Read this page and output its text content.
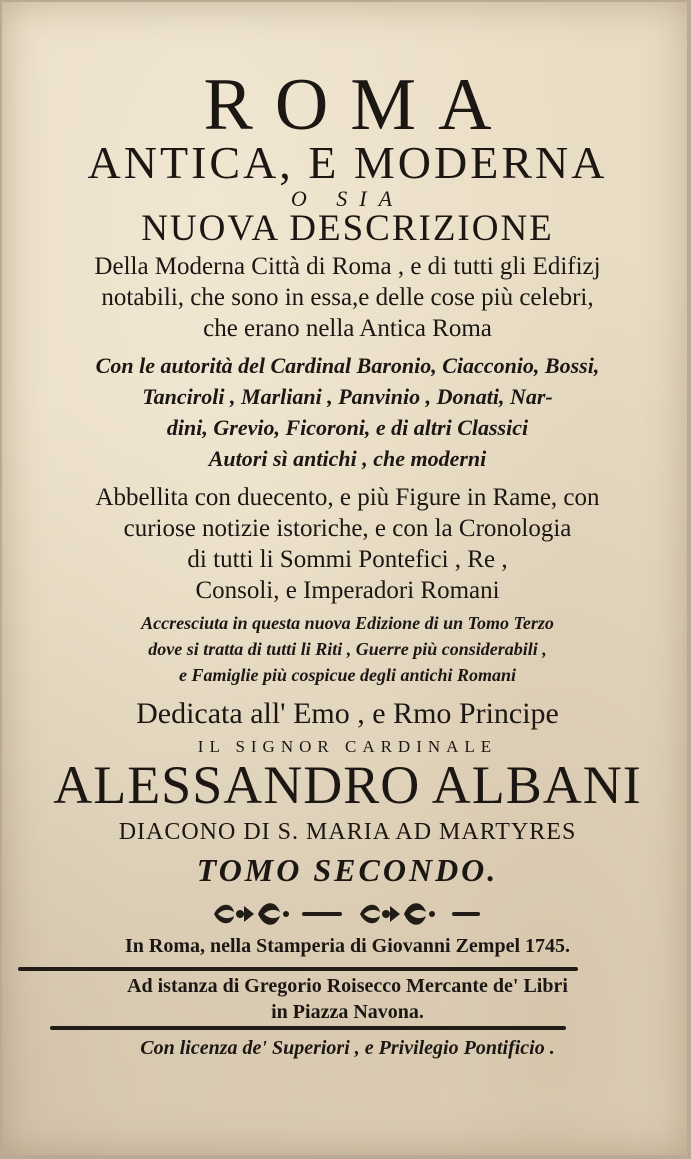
ROMA
ANTICA, E MODERNA
O SIA
NUOVA DESCRIZIONE
Della Moderna Città di Roma , e di tutti gli Edifizj
notabili, che sono in essa,e delle cose più celebri,
che erano nella Antica Roma
Con le autorità del Cardinal Baronio, Ciacconio, Bossi,
Tanciroli , Marliani , Panvinio , Donati, Nar-
dini, Grevio, Ficoroni, e di altri Classici
Autori sì antichi , che moderni
Abbellita con duecento, e più Figure in Rame, con
curiose notizie istoriche, e con la Cronologia
di tutti li Sommi Pontefici , Re ,
Consoli, e Imperadori Romani
Accresciuta in questa nuova Edizione di un Tomo Terzo
dove si tratta di tutti li Riti , Guerre più considerabili ,
e Famiglie più cospicue degli antichi Romani
Dedicata all' Emo , e Rmo Principe
IL SIGNOR CARDINALE
ALESSANDRO ALBANI
DIACONO DI S. MARIA AD MARTYRES
TOMO SECONDO.
In Roma, nella Stamperia di Giovanni Zempel 1745.
Ad istanza di Gregorio Roisecco Mercante de' Libri
in Piazza Navona.
Con licenza de' Superiori , e Privilegio Pontificio .
